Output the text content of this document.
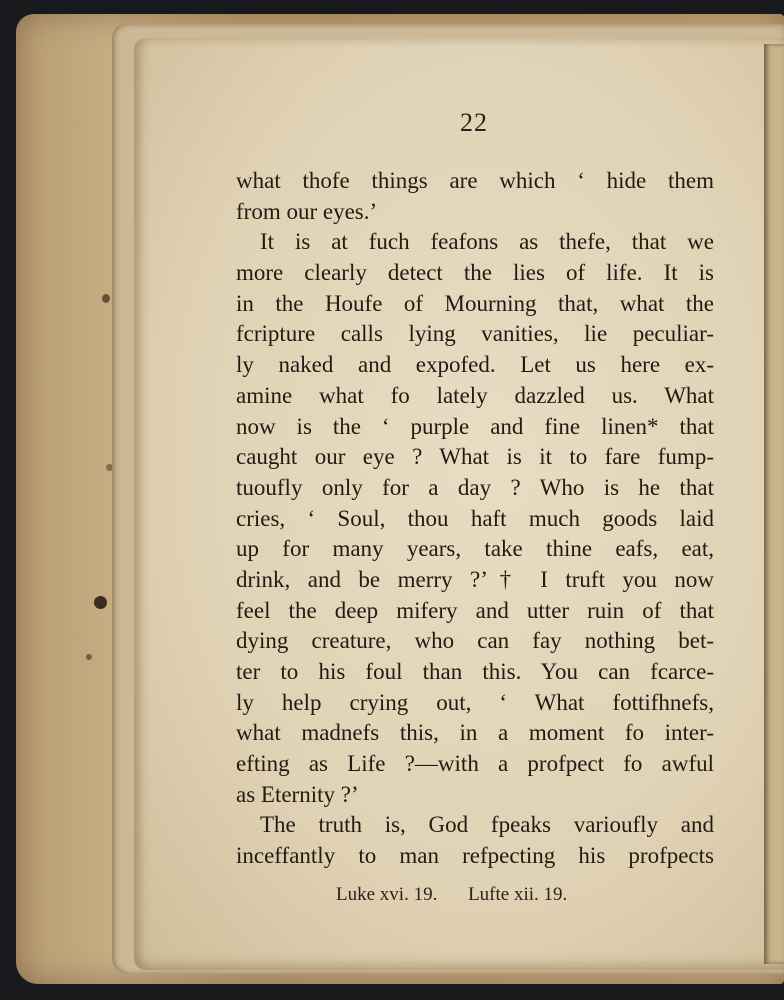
22
what thofe things are which ‘ hide them
from our eyes.’
It is at fuch feafons as thefe, that we
more clearly detect the lies of life. It is
in the Houfe of Mourning that, what the
fcripture calls lying vanities, lie peculiar-
ly naked and expofed. Let us here ex-
amine what fo lately dazzled us. What
now is the ‘ purple and fine linen* that
caught our eye ? What is it to fare fump-
tuoufly only for a day ? Who is he that
cries, ‘ Soul, thou haft much goods laid
up for many years, take thine eafs, eat,
drink, and be merry ?’† I truft you now
feel the deep mifery and utter ruin of that
dying creature, who can fay nothing bet-
ter to his foul than this. You can fcarce-
ly help crying out, ‘ What fottifhnefs,
what madnefs this, in a moment fo inter-
efting as Life ?—with a profpect fo awful
as Eternity ?’
The truth is, God fpeaks varioufly and
inceffantly to man refpecting his profpects
Luke xvi. 19. Lufte xii. 19.
